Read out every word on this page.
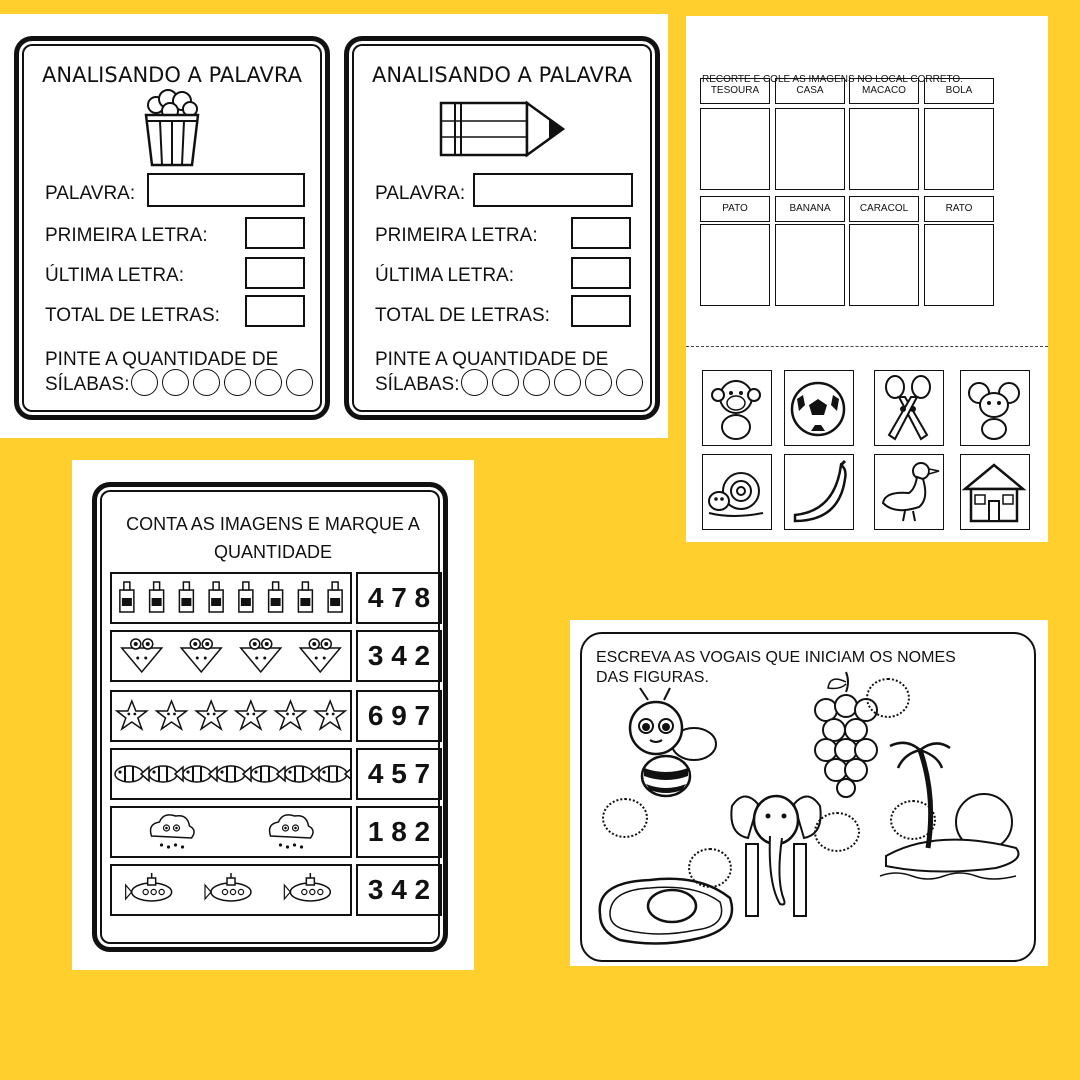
ANALISANDO A PALAVRA
PALAVRA:
PRIMEIRA LETRA:
ÚLTIMA LETRA:
TOTAL DE LETRAS:
PINTE A QUANTIDADE DE
SÍLABAS:
ANALISANDO A PALAVRA
PALAVRA:
PRIMEIRA LETRA:
ÚLTIMA LETRA:
TOTAL DE LETRAS:
PINTE A QUANTIDADE DE
SÍLABAS:
RECORTE E COLE AS IMAGENS NO LOCAL CORRETO.
TESOURA	CASA	MACACO	BOLA
PATO	BANANA	CARACOL	RATO
CONTA AS IMAGENS E MARQUE A
QUANTIDADE
4 7 8
3 4 2
6 9 7
4 5 7
1 8 2
3 4 2
ESCREVA AS VOGAIS QUE INICIAM OS NOMES
DAS FIGURAS.
